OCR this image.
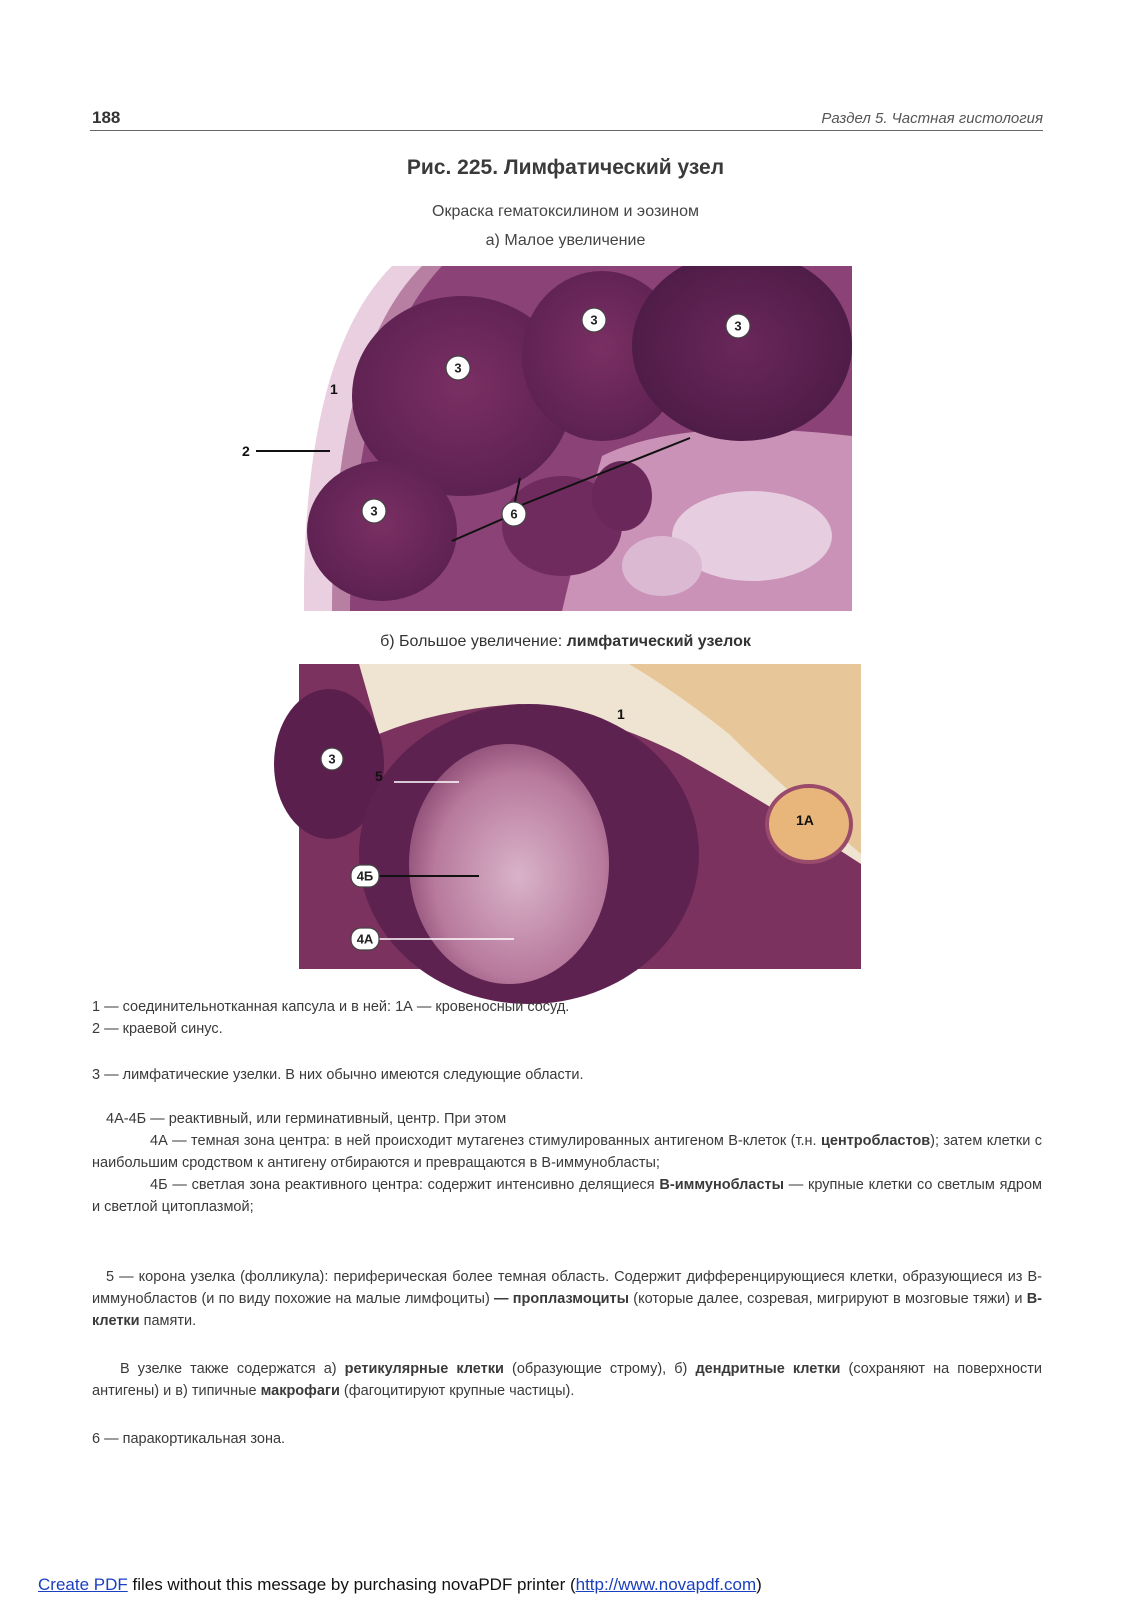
188	Раздел 5. Частная гистология
Рис. 225. Лимфатический узел
Окраска гематоксилином и эозином
а) Малое увеличение
2
1
3
3	3
3	6
б) Большое увеличение: лимфатический узелок
1
1А
5
3
4Б
4А

1 — соединительнотканная капсула и в ней: 1А — кровеносный сосуд.

2 — краевой синус.

3 — лимфатические узелки. В них обычно имеются следующие области.

4А-4Б — реактивный, или герминативный, центр. При этом

4А — темная зона центра: в ней происходит мутагенез стимулированных антигеном В-клеток (т.н. центробластов); затем клетки с наибольшим сродством к антигену отбираются и превращаются в В-иммунобласты;

4Б — светлая зона реактивного центра: содержит интенсивно делящиеся В-иммунобласты — крупные клетки со светлым ядром и светлой цитоплазмой;

5 — корона узелка (фолликула): периферическая более темная область. Содержит дифференцирующиеся клетки, образующиеся из В-иммунобластов (и по виду похожие на малые лимфоциты) — проплазмоциты (которые далее, созревая, мигрируют в мозговые тяжи) и В-клетки памяти.
В узелке также содержатся а) ретикулярные клетки (образующие строму), б) дендритные клетки (сохраняют на поверхности антигены) и в) типичные макрофаги (фагоцитируют крупные частицы).
6 — паракортикальная зона.
Create PDF files without this message by purchasing novaPDF printer (http://www.novapdf.com)
